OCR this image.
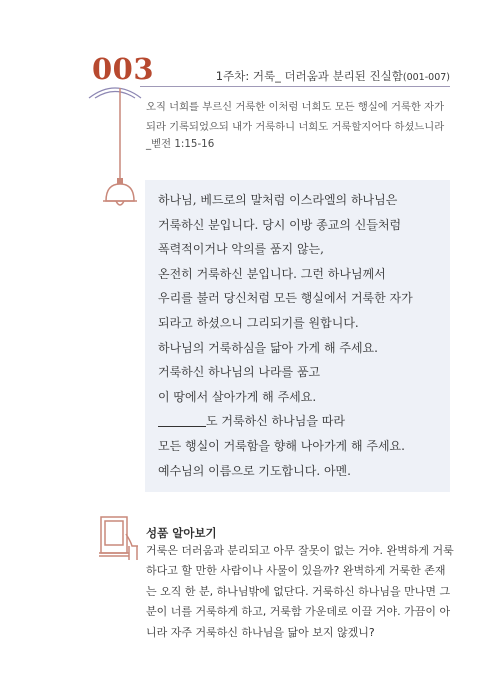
003	1주차: 거룩_ 더러움과 분리된 진실함(001-007)
오직 너희를 부르신 거룩한 이처럼 너희도 모든 행실에 거룩한 자가 되라 기록되었으되 내가 거룩하니 너희도 거룩할지어다 하셨느니라
_벧전 1:15-16
하나님, 베드로의 말처럼 이스라엘의 하나님은
거룩하신 분입니다. 당시 이방 종교의 신들처럼
폭력적이거나 악의를 품지 않는,
온전히 거룩하신 분입니다. 그런 하나님께서
우리를 불러 당신처럼 모든 행실에서 거룩한 자가
되라고 하셨으니 그리되기를 원합니다.
하나님의 거룩하심을 닮아 가게 해 주세요.
거룩하신 하나님의 나라를 품고
이 땅에서 살아가게 해 주세요.
도 거룩하신 하나님을 따라
모든 행실이 거룩함을 향해 나아가게 해 주세요.
예수님의 이름으로 기도합니다. 아멘.
성품 알아보기
거룩은 더러움과 분리되고 아무 잘못이 없는 거야. 완벽하게 거룩하다고 할 만한 사람이나 사물이 있을까? 완벽하게 거룩한 존재는 오직 한 분, 하나님밖에 없단다. 거룩하신 하나님을 만나면 그분이 너를 거룩하게 하고, 거룩함 가운데로 이끌 거야. 가끔이 아니라 자주 거룩하신 하나님을 닮아 보지 않겠니?
